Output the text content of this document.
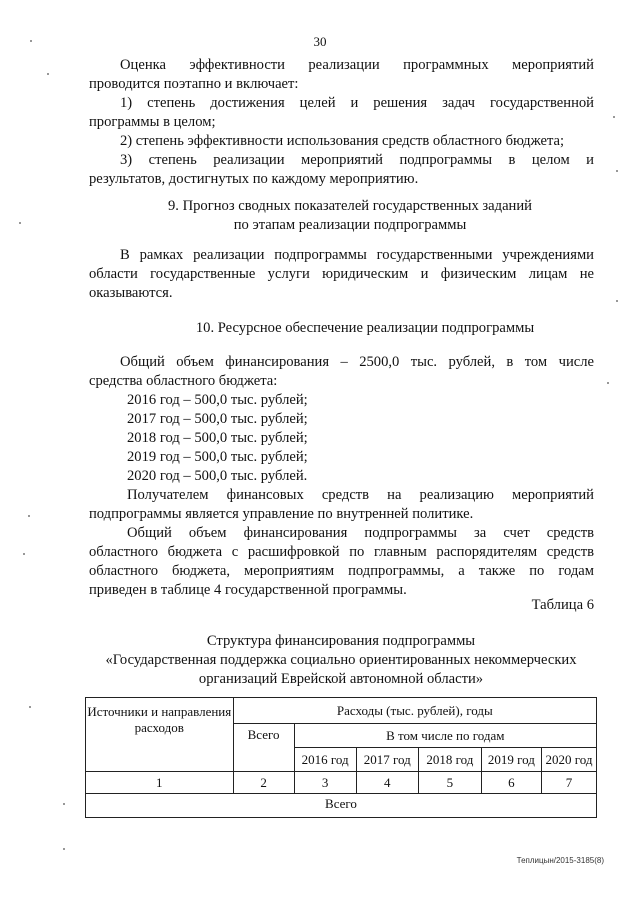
30
Оценка эффективности реализации программных мероприятий
проводится поэтапно и включает:
1) степень достижения целей и решения задач государственной
программы в целом;
2) степень эффективности использования средств областного бюджета;
3) степень реализации мероприятий подпрограммы в целом и
результатов, достигнутых по каждому мероприятию.
9. Прогноз сводных показателей государственных заданий
по этапам реализации подпрограммы
В рамках реализации подпрограммы государственными учреждениями
области государственные услуги юридическим и физическим лицам не
оказываются.
10. Ресурсное обеспечение реализации подпрограммы
Общий объем финансирования – 2500,0 тыс. рублей, в том числе
средства областного бюджета:
2016 год – 500,0 тыс. рублей;
2017 год – 500,0 тыс. рублей;
2018 год – 500,0 тыс. рублей;
2019 год – 500,0 тыс. рублей;
2020 год – 500,0 тыс. рублей.
Получателем финансовых средств на реализацию мероприятий
подпрограммы является управление по внутренней политике.
Общий объем финансирования подпрограммы за счет средств
областного бюджета с расшифровкой по главным распорядителям средств
областного бюджета, мероприятиям подпрограммы, а также по годам
приведен в таблице 4 государственной программы.
Таблица 6
Структура финансирования подпрограммы
«Государственная поддержка социально ориентированных некоммерческих
организаций Еврейской автономной области»
Источники и направления расходов	Расходы (тыс. рублей), годы					
	Всего	В том числе по годам				
		2016 год	2017 год	2018 год	2019 год	2020 год
1	2	3	4	5	6	7
Всего						
Теплицын/2015-3185(8)
